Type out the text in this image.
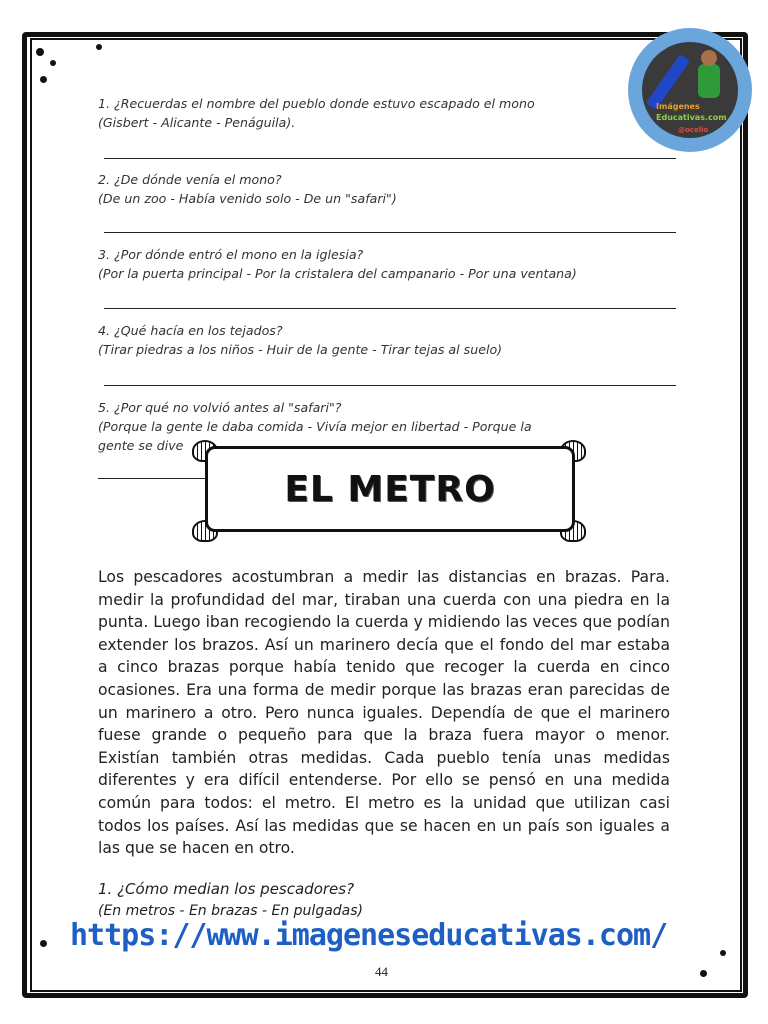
Imágenes
Educativas.com
@ocelio
1. ¿Recuerdas el nombre del pueblo donde estuvo escapado el mono
(Gisbert - Alicante - Penáguila).
2. ¿De dónde venía el mono?
(De un zoo - Había venido solo - De un "safari")
3. ¿Por dónde entró el mono en la iglesia?
(Por la puerta principal - Por la cristalera del campanario - Por una ventana)
4. ¿Qué hacía en los tejados?
(Tirar piedras a los niños - Huir de la gente - Tirar tejas al suelo)
5. ¿Por qué no volvió antes al "safari"?
(Porque la gente le daba comida - Vivía mejor en libertad - Porque la
gente se dive
EL METRO
Los pescadores acostumbran a medir las distancias en brazas. Para. medir la profundidad del mar, tiraban una cuerda con una piedra en la punta. Luego iban recogiendo la cuerda y midiendo las veces que podían extender los brazos. Así un marinero decía que el fondo del mar estaba a cinco brazas porque había tenido que recoger la cuerda en cinco ocasiones. Era una forma de medir porque las brazas eran parecidas de un marinero a otro. Pero nunca iguales. Dependía de que el marinero fuese grande o pequeño para que la braza fuera mayor o menor. Existían también otras medidas. Cada pueblo tenía unas medidas diferentes y era difícil entenderse. Por ello se pensó en una medida común para todos: el metro. El metro es la unidad que utilizan casi todos los países. Así las medidas que se hacen en un país son iguales a las que se hacen en otro.
1. ¿Cómo median los pescadores?
(En metros - En brazas - En pulgadas)
https://www.imageneseducativas.com/
44
